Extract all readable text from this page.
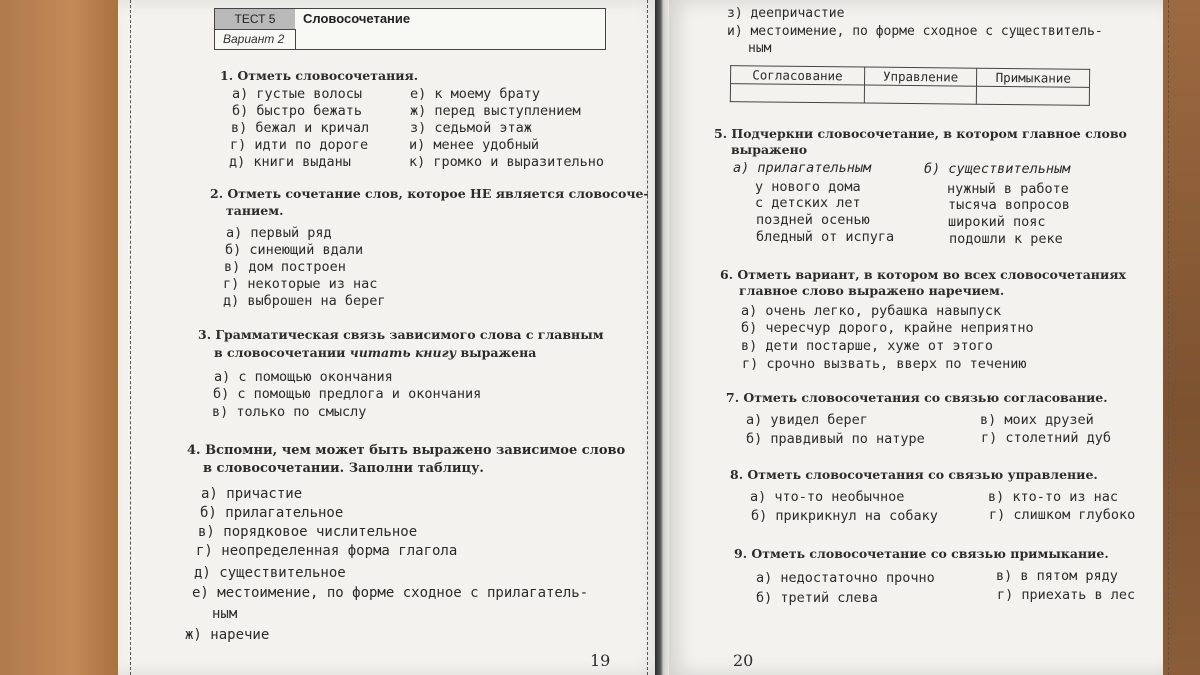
ТЕСТ 5	Словосочетание
Вариант 2
1. Отметь словосочетания.
а) густые волосы
б) быстро бежать
в) бежал и кричал
г) идти по дороге
д) книги выданы
е) к моему брату
ж) перед выступлением
з) седьмой этаж
и) менее удобный
к) громко и выразительно
2. Отметь сочетание слов, которое НЕ является словосоче-
танием.
а) первый ряд
б) синеющий вдали
в) дом построен
г) некоторые из нас
д) выброшен на берег
3. Грамматическая связь зависимого слова с главным
в словосочетании читать книгу выражена
а) с помощью окончания
б) с помощью предлога и окончания
в) только по смыслу
4. Вспомни, чем может быть выражено зависимое слово
в словосочетании. Заполни таблицу.
а) причастие
б) прилагательное
в) порядковое числительное
г) неопределенная форма глагола
д) существительное
е) местоимение, по форме сходное с прилагатель-
ным
ж) наречие
19
з) деепричастие
и) местоимение, по форме сходное с существитель-
ным
Согласование	Управление	Примыкание

5. Подчеркни словосочетание, в котором главное слово
выражено
а) прилагательным	б) существительным
у нового дома
с детских лет
поздней осенью
бледный от испуга
нужный в работе
тысяча вопросов
широкий пояс
подошли к реке
6. Отметь вариант, в котором во всех словосочетаниях
главное слово выражено наречием.
а) очень легко, рубашка навыпуск
б) чересчур дорого, крайне неприятно
в) дети постарше, хуже от этого
г) срочно вызвать, вверх по течению
7. Отметь словосочетания со связью согласование.
а) увидел берег
б) правдивый по натуре
в) моих друзей
г) столетний дуб
8. Отметь словосочетания со связью управление.
а) что-то необычное
б) прикрикнул на собаку
в) кто-то из нас
г) слишком глубоко
9. Отметь словосочетание со связью примыкание.
а) недостаточно прочно
б) третий слева
в) в пятом ряду
г) приехать в лес
20
